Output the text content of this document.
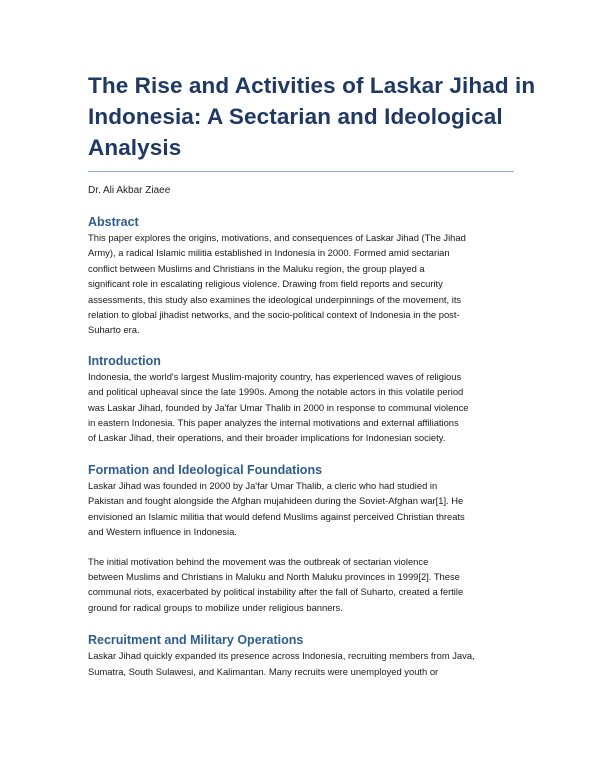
The Rise and Activities of Laskar Jihad in
Indonesia: A Sectarian and Ideological
Analysis
Dr. Ali Akbar Ziaee
Abstract

This paper explores the origins, motivations, and consequences of Laskar Jihad (The Jihad
Army), a radical Islamic militia established in Indonesia in 2000. Formed amid sectarian
conflict between Muslims and Christians in the Maluku region, the group played a
significant role in escalating religious violence. Drawing from field reports and security
assessments, this study also examines the ideological underpinnings of the movement, its
relation to global jihadist networks, and the socio-political context of Indonesia in the post-
Suharto era.

Introduction

Indonesia, the world's largest Muslim-majority country, has experienced waves of religious
and political upheaval since the late 1990s. Among the notable actors in this volatile period
was Laskar Jihad, founded by Ja'far Umar Thalib in 2000 in response to communal violence
in eastern Indonesia. This paper analyzes the internal motivations and external affiliations
of Laskar Jihad, their operations, and their broader implications for Indonesian society.

Formation and Ideological Foundations

Laskar Jihad was founded in 2000 by Ja'far Umar Thalib, a cleric who had studied in
Pakistan and fought alongside the Afghan mujahideen during the Soviet-Afghan war[1]. He
envisioned an Islamic militia that would defend Muslims against perceived Christian threats
and Western influence in Indonesia.

The initial motivation behind the movement was the outbreak of sectarian violence
between Muslims and Christians in Maluku and North Maluku provinces in 1999[2]. These
communal riots, exacerbated by political instability after the fall of Suharto, created a fertile
ground for radical groups to mobilize under religious banners.

Recruitment and Military Operations

Laskar Jihad quickly expanded its presence across Indonesia, recruiting members from Java,
Sumatra, South Sulawesi, and Kalimantan. Many recruits were unemployed youth or
